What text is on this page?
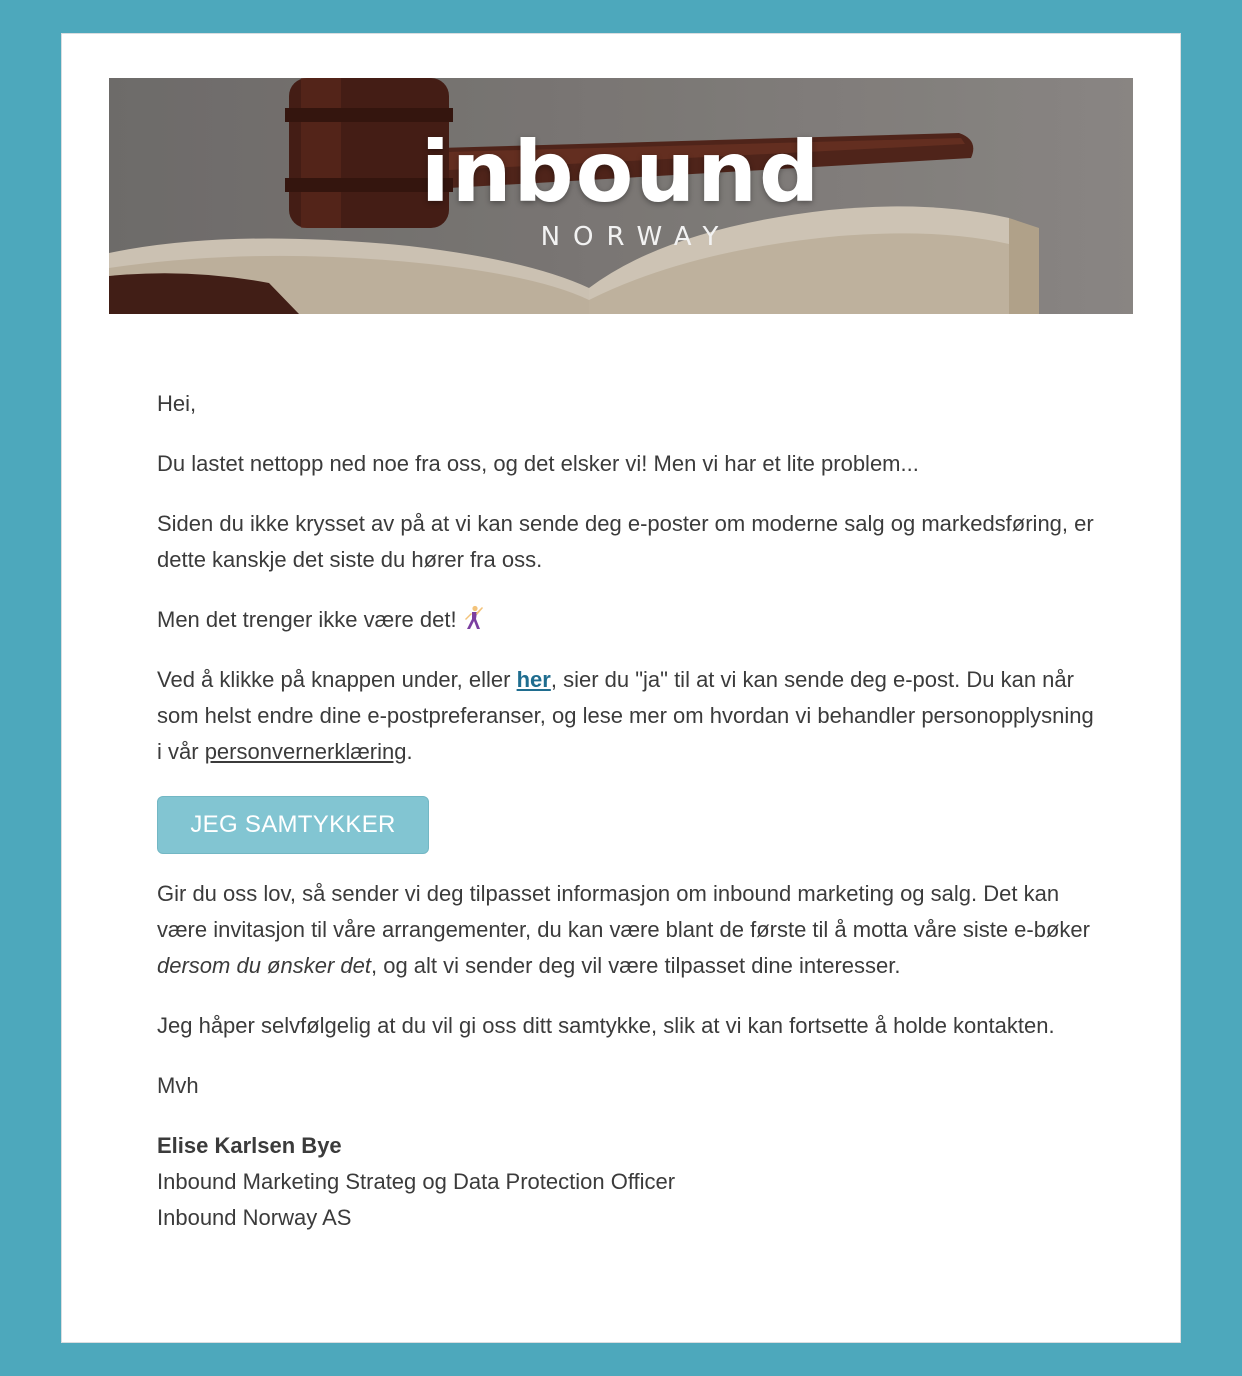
inbound
NORWAY

Hei,

Du lastet nettopp ned noe fra oss, og det elsker vi! Men vi har et lite problem...

Siden du ikke krysset av på at vi kan sende deg e-poster om moderne salg og markedsføring, er dette kanskje det siste du hører fra oss.

Men det trenger ikke være det!

Ved å klikke på knappen under, eller her, sier du "ja" til at vi kan sende deg e-post. Du kan når som helst endre dine e-postpreferanser, og lese mer om hvordan vi behandler personopplysning i vår personvernerklæring.

JEG SAMTYKKER

Gir du oss lov, så sender vi deg tilpasset informasjon om inbound marketing og salg. Det kan være invitasjon til våre arrangementer, du kan være blant de første til å motta våre siste e-bøker dersom du ønsker det, og alt vi sender deg vil være tilpasset dine interesser.

Jeg håper selvfølgelig at du vil gi oss ditt samtykke, slik at vi kan fortsette å holde kontakten.

Mvh

Elise Karlsen Bye
Inbound Marketing Strateg og Data Protection Officer
Inbound Norway AS
